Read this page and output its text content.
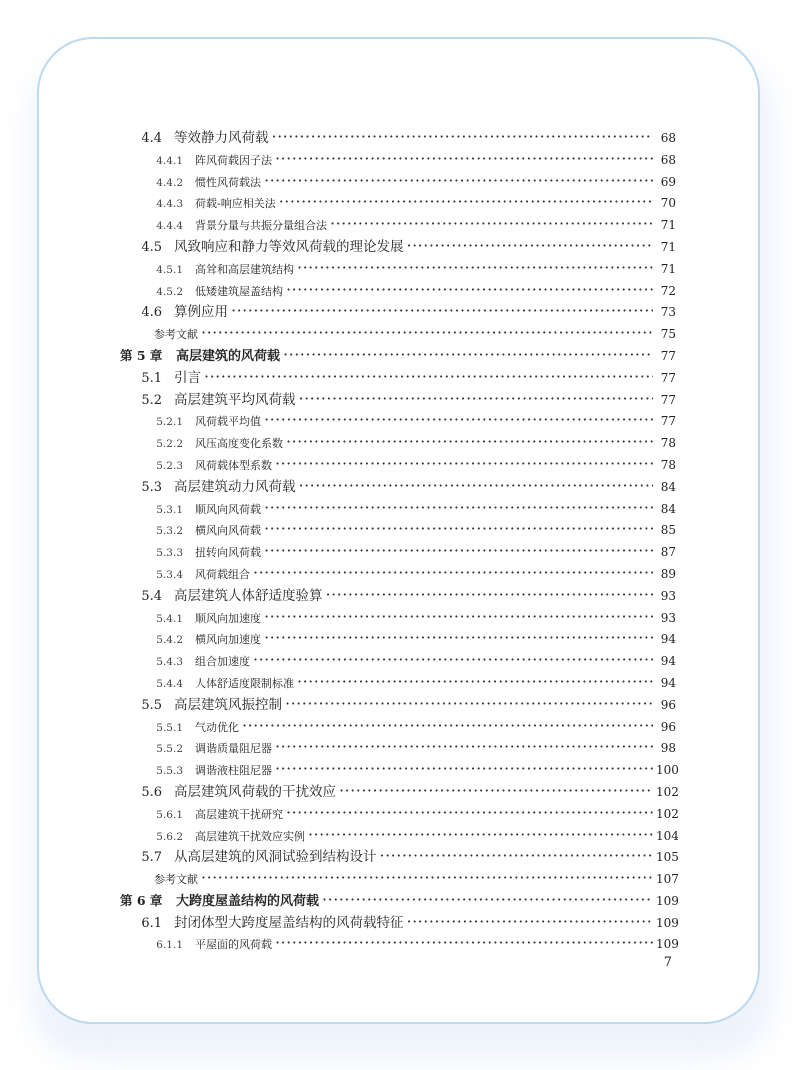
4.4 等效静力风荷载 ·····	68
4.4.1 阵风荷载因子法 ·····	68
4.4.2 惯性风荷载法 ·····	69
4.4.3 荷载-响应相关法 ·····	70
4.4.4 背景分量与共振分量组合法 ·····	71
4.5 风致响应和静力等效风荷载的理论发展 ·····	71
4.5.1 高耸和高层建筑结构 ·····	71
4.5.2 低矮建筑屋盖结构 ·····	72
4.6 算例应用 ·····	73
参考文献 ·····	75
第 5 章	高层建筑的风荷载 ·····	77
5.1 引言 ·····	77
5.2 高层建筑平均风荷载 ·····	77
5.2.1 风荷载平均值 ·····	77
5.2.2 风压高度变化系数 ·····	78
5.2.3 风荷载体型系数 ·····	78
5.3 高层建筑动力风荷载 ·····	84
5.3.1 顺风向风荷载 ·····	84
5.3.2 横风向风荷载 ·····	85
5.3.3 扭转向风荷载 ·····	87
5.3.4 风荷载组合 ·····	89
5.4 高层建筑人体舒适度验算 ·····	93
5.4.1 顺风向加速度 ·····	93
5.4.2 横风向加速度 ·····	94
5.4.3 组合加速度 ·····	94
5.4.4 人体舒适度限制标准 ·····	94
5.5 高层建筑风振控制 ·····	96
5.5.1 气动优化 ·····	96
5.5.2 调谐质量阻尼器 ·····	98
5.5.3 调谐液柱阻尼器 ·····	100
5.6 高层建筑风荷载的干扰效应 ·····	102
5.6.1 高层建筑干扰研究 ·····	102
5.6.2 高层建筑干扰效应实例 ·····	104
5.7 从高层建筑的风洞试验到结构设计 ·····	105
参考文献 ·····	107
第 6 章	大跨度屋盖结构的风荷载 ·····	109
6.1 封闭体型大跨度屋盖结构的风荷载特征 ·····	109
6.1.1 平屋面的风荷载 ·····	109
7
